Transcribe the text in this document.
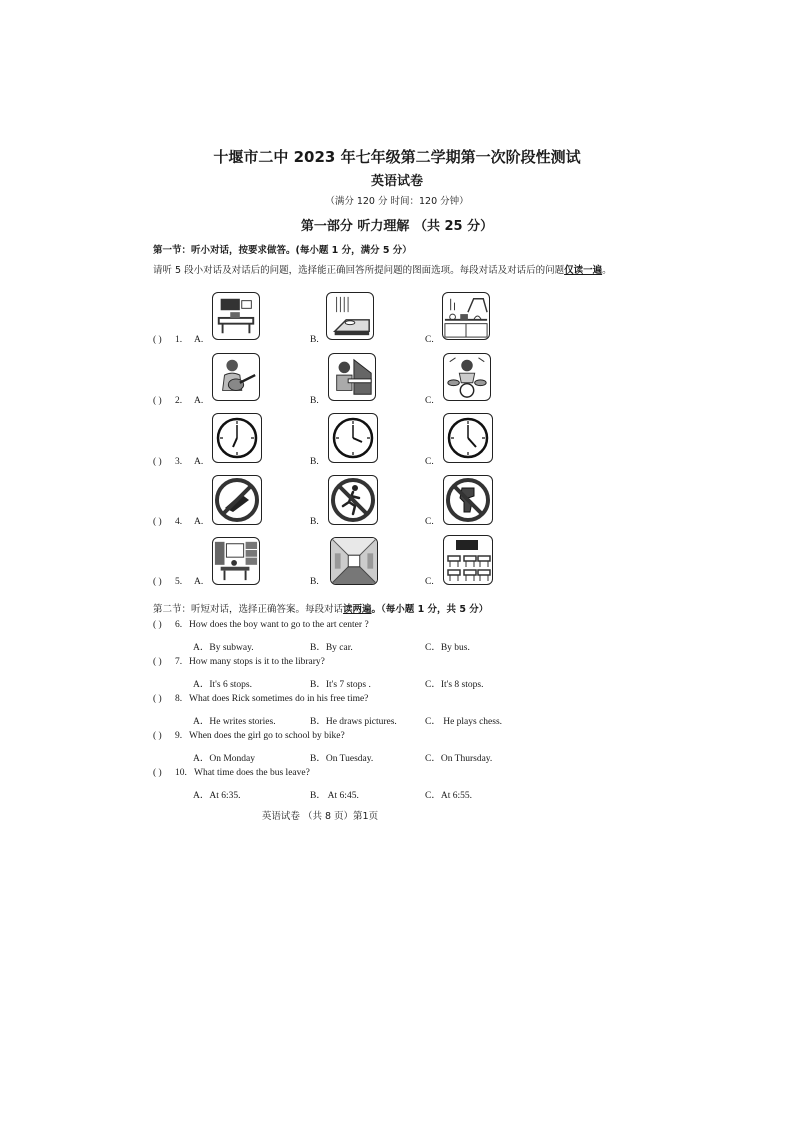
十堰市二中 2023 年七年级第二学期第一次阶段性测试
英语试卷
（满分 120 分 时间：120 分钟）
第一部分 听力理解 （共 25 分）
第一节：听小对话，按要求做答。(每小题 1 分，满分 5 分）
请听 5 段小对话及对话后的问题，选择能正确回答所提问题的图面选项。每段对话及对话后的问题仅读一遍。
( ) 1. A.	B.	C.
( ) 2. A.	B.	C.
( ) 3. A.	B.	C.
( ) 4. A.	B.	C.
( ) 5. A.	B.	C.
第二节：听短对话，选择正确答案。每段对话读两遍。（每小题 1 分，共 5 分）
( ) 6. How does the boy want to go to the art center ?
A．By subway.	B．By car.	C．By bus.
( ) 7. How many stops is it to the library?
A．It's 6 stops.	B．It's 7 stops .	C．It's 8 stops.
( ) 8. What does Rick sometimes do in his free time?
A．He writes stories.	B．He draws pictures.	C． He plays chess.
( ) 9. When does the girl go to school by bike?
A．On Monday	B．On Tuesday.	C．On Thursday.
( ) 10. What time does the bus leave?
A．At 6:35.	B． At 6:45.	C．At 6:55.
英语试卷 （共 8 页）第1页
